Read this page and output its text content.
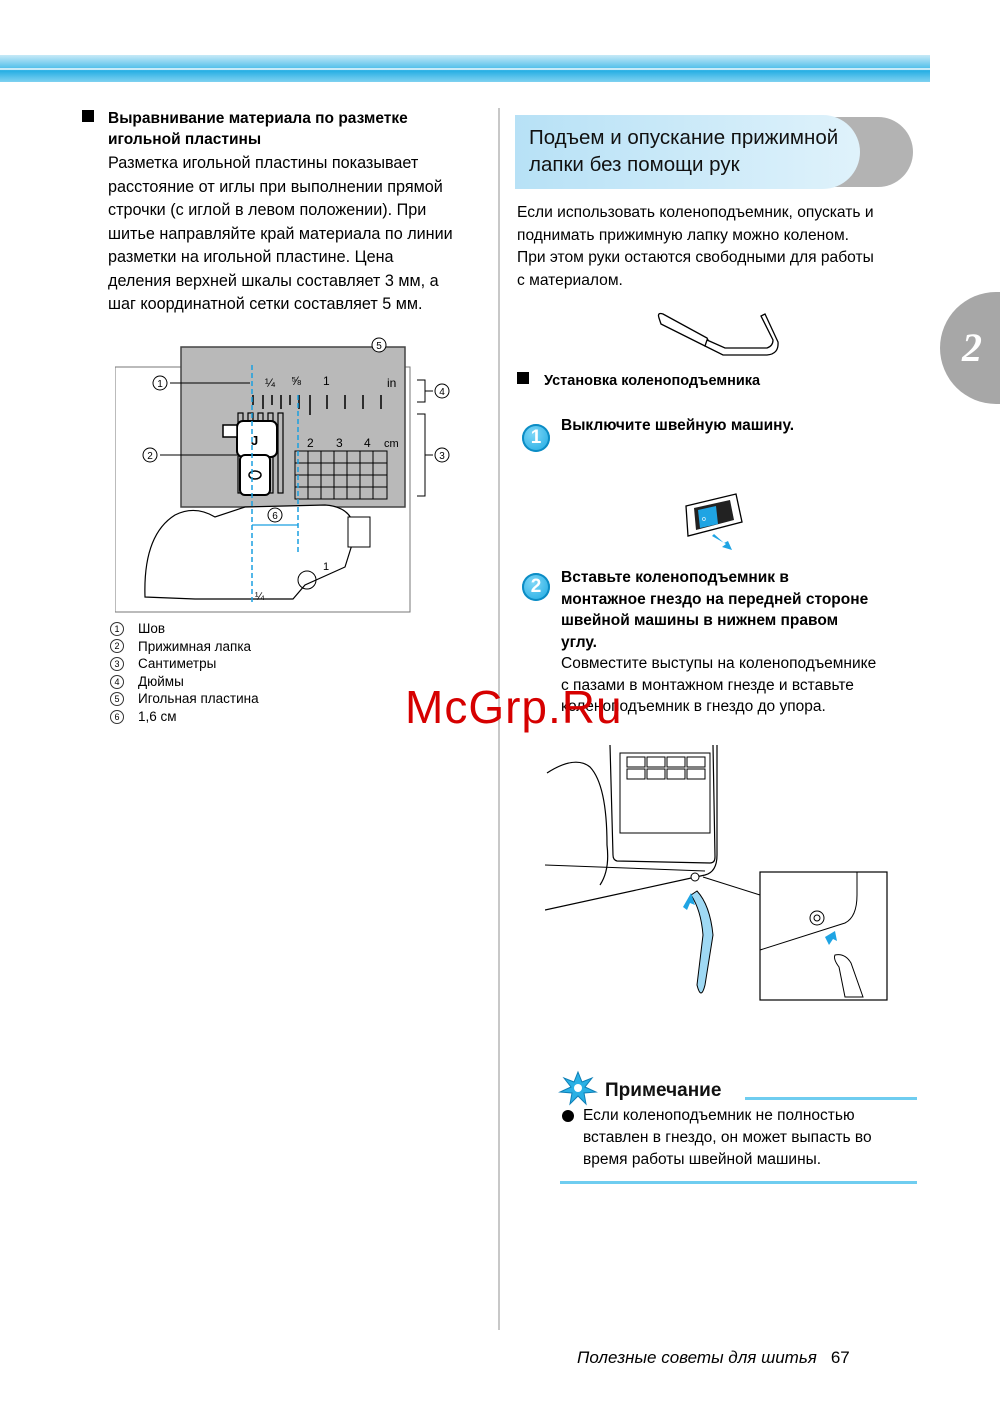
Выравнивание материала по разметке
игольной пластины
Разметка игольной пластины показывает
расстояние от иглы при выполнении прямой
строчки (с иглой в левом положении). При
шитье направляйте край материала по линии
разметки на игольной пластине. Цена
деления верхней шкалы составляет 3 мм, а
шаг координатной сетки составляет 5 мм.
¼ ⅝ 1	in
2 3 4 cm
J
¼
1
1
2
5
6
4
3
1	Шов
2	Прижимная лапка
3	Сантиметры
4	Дюймы
5	Игольная пластина
6	1,6 см
Подъем и опускание прижимной
лапки без помощи рук
Если использовать коленоподъемник, опускать и
поднимать прижимную лапку можно коленом.
При этом руки остаются свободными для работы
с материалом.
Установка коленоподъемника
1
Выключите швейную машину.
o
2	Вставьте коленоподъемник в
монтажное гнездо на передней стороне
швейной машины в нижнем правом
углу.
Совместите выступы на коленоподъемнике
с пазами в монтажном гнезде и вставьте
коленоподъемник в гнездо до упора.
Примечание
Если коленоподъемник не полностью
вставлен в гнездо, он может выпасть во
время работы швейной машины.
2
McGrp.Ru
Полезные советы для шитья 67
